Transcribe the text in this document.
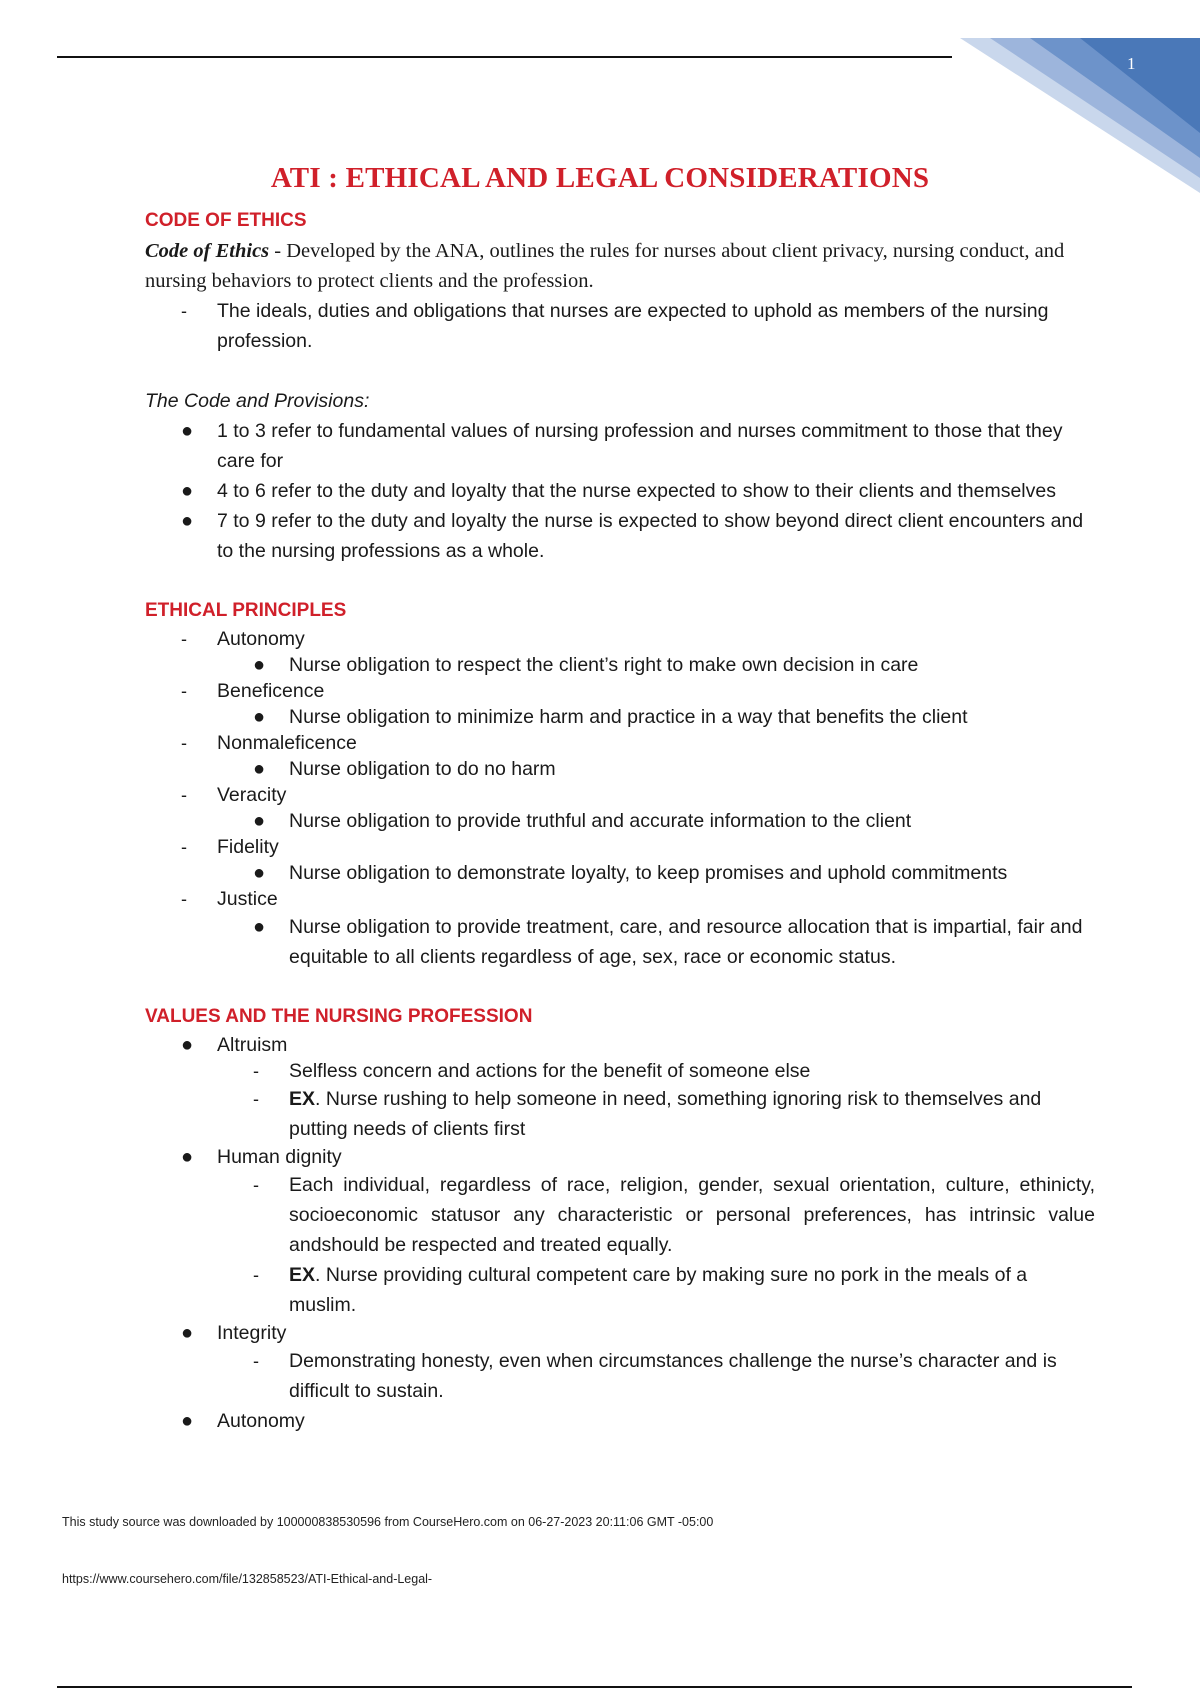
1
ATI : ETHICAL AND LEGAL CONSIDERATIONS
CODE OF ETHICS
Code of Ethics - Developed by the ANA, outlines the rules for nurses about client privacy, nursing conduct, and nursing behaviors to protect clients and the profession.
-	The ideals, duties and obligations that nurses are expected to uphold as members of the nursing profession.
The Code and Provisions:
●	1 to 3 refer to fundamental values of nursing profession and nurses commitment to those that they care for
●	4 to 6 refer to the duty and loyalty that the nurse expected to show to their clients and themselves
●	7 to 9 refer to the duty and loyalty the nurse is expected to show beyond direct client encounters and to the nursing professions as a whole.
ETHICAL PRINCIPLES
-	Autonomy
●	Nurse obligation to respect the client’s right to make own decision in care
-	Beneficence
●	Nurse obligation to minimize harm and practice in a way that benefits the client
-	Nonmaleficence
●	Nurse obligation to do no harm
-	Veracity
●	Nurse obligation to provide truthful and accurate information to the client
-	Fidelity
●	Nurse obligation to demonstrate loyalty, to keep promises and uphold commitments
-	Justice
●	Nurse obligation to provide treatment, care, and resource allocation that is impartial, fair and equitable to all clients regardless of age, sex, race or economic status.
VALUES AND THE NURSING PROFESSION
●	Altruism
-	Selfless concern and actions for the benefit of someone else
-	EX. Nurse rushing to help someone in need, something ignoring risk to themselves and putting needs of clients first
●	Human dignity
-	Each individual, regardless of race, religion, gender, sexual orientation, culture, ethinicty, socioeconomic statusor any characteristic or personal preferences, has intrinsic value andshould be respected and treated equally.
-	EX. Nurse providing cultural competent care by making sure no pork in the meals of a muslim.
●	Integrity
-	Demonstrating honesty, even when circumstances challenge the nurse’s character and is difficult to sustain.
●	Autonomy
This study source was downloaded by 100000838530596 from CourseHero.com on 06-27-2023 20:11:06 GMT -05:00
https://www.coursehero.com/file/132858523/ATI-Ethical-and-Legal-
